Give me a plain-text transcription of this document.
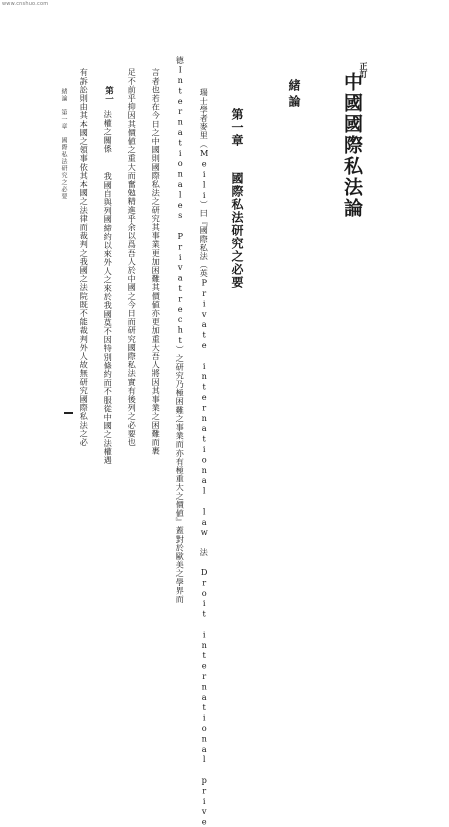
www.cnshuo.com
正訂
中國國際私法論
緒論
第一章
國際私法研究之必要
瑞士學者麥里（Meili）曰『國際私法（英Private international law 法 Droit international prive
德Internationales Privatrecht）之研究乃極困難之事業而亦有極重大之價値』蓋對於歐美之學界而
言者也若在今日之中國則國際私法之研究其事業更加困難其價値亦更加重大吾人將因其事業之困難而裹
足不前乎抑因其價値之重大而奮勉精進乎余以爲吾人於中國之今日而研究國際私法實有後列之必要也
第一
法權之關係
我國自與列國締約以來外人之來於我國莫不因特別條約而不服從中國之法權遇
有訴訟則由其本國之領事依其本國之法律而裁判之我國之法院既不能裁判外人故無研究國際私法之必
緒論　第一章　國際私法研究之必要
